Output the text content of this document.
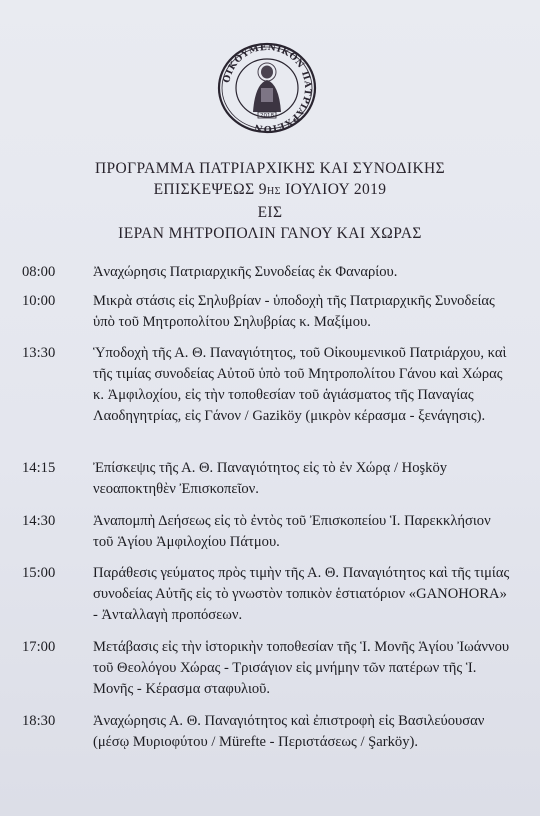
2018
ΟΙΚΟΥΜΕΝΙΚΟΝ ΠΑΤΡΙΑΡΧΕΙΟΝ
ΠΡΟΓΡΑΜΜΑ ΠΑΤΡΙΑΡΧΙΚΗΣ ΚΑΙ ΣΥΝΟΔΙΚΗΣ
ΕΠΙΣΚΕΨΕΩΣ 9ΗΣ ΙΟΥΛΙΟΥ 2019
ΕΙΣ
ΙΕΡΑΝ ΜΗΤΡΟΠΟΛΙΝ ΓΑΝΟΥ ΚΑΙ ΧΩΡΑΣ
08:00	Ἀναχώρησις Πατριαρχικῆς Συνοδείας ἐκ Φαναρίου.
10:00	Μικρὰ στάσις εἰς Σηλυβρίαν - ὑποδοχὴ τῆς Πατριαρχικῆς Συνοδείας ὑπὸ τοῦ Μητροπολίτου Σηλυβρίας κ. Μαξίμου.
13:30	Ὑποδοχὴ τῆς Α. Θ. Παναγιότητος, τοῦ Οἰκουμενικοῦ Πατριάρχου, καὶ τῆς τιμίας συνοδείας Αὐτοῦ ὑπὸ τοῦ Μητροπολίτου Γάνου καὶ Χώρας κ. Ἀμφιλοχίου, εἰς τὴν τοποθεσίαν τοῦ ἁγιάσματος τῆς Παναγίας Λαοδηγητρίας, εἰς Γάνον / Gaziköy (μικρὸν κέρασμα - ξενάγησις).
14:15	Ἐπίσκεψις τῆς Α. Θ. Παναγιότητος εἰς τὸ ἐν Χώρᾳ / Hoşköy νεοαποκτηθὲν Ἐπισκοπεῖον.
14:30	Ἀναπομπὴ Δεήσεως εἰς τὸ ἐντὸς τοῦ Ἐπισκοπείου Ἱ. Παρεκκλήσιον τοῦ Ἁγίου Ἀμφιλοχίου Πάτμου.
15:00	Παράθεσις γεύματος πρὸς τιμὴν τῆς Α. Θ. Παναγιότητος καὶ τῆς τιμίας συνοδείας Αὐτῆς εἰς τὸ γνωστὸν τοπικὸν ἑστιατόριον «GANOHORA» - Ἀνταλλαγὴ προπόσεων.
17:00	Μετάβασις εἰς τὴν ἱστορικὴν τοποθεσίαν τῆς Ἱ. Μονῆς Ἁγίου Ἰωάννου τοῦ Θεολόγου Χώρας - Τρισάγιον εἰς μνήμην τῶν πατέρων τῆς Ἱ. Μονῆς - Κέρασμα σταφυλιοῦ.
18:30	Ἀναχώρησις Α. Θ. Παναγιότητος καὶ ἐπιστροφὴ εἰς Βασιλεύουσαν (μέσῳ Μυριοφύτου / Mürefte - Περιστάσεως / Şarköy).
